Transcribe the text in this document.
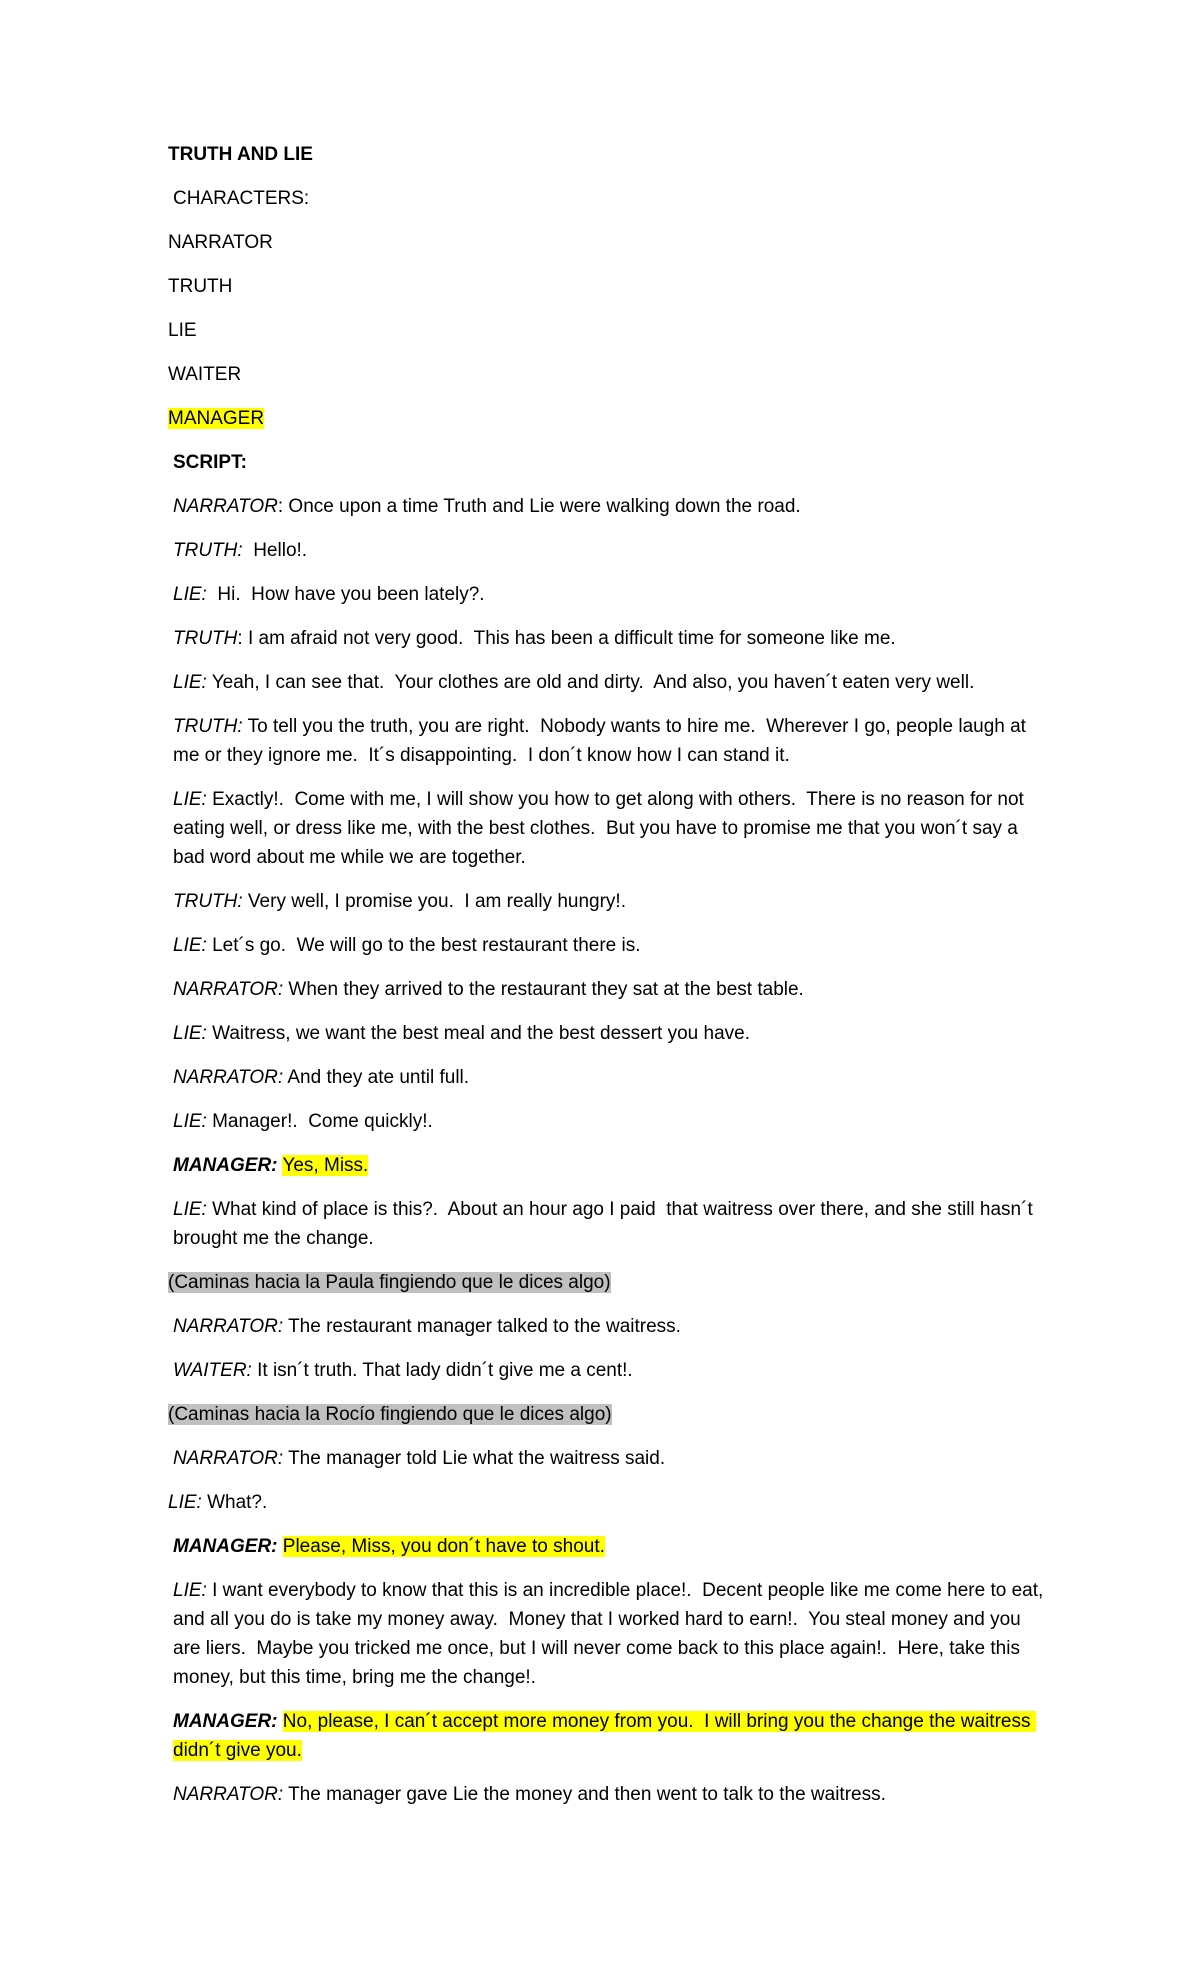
TRUTH AND LIE

CHARACTERS:

NARRATOR

TRUTH

LIE

WAITER

MANAGER

SCRIPT:

NARRATOR: Once upon a time Truth and Lie were walking down the road.

TRUTH:  Hello!.

LIE:  Hi.  How have you been lately?.

TRUTH: I am afraid not very good.  This has been a difficult time for someone like me.

LIE: Yeah, I can see that.  Your clothes are old and dirty.  And also, you haven´t eaten very well.

TRUTH: To tell you the truth, you are right.  Nobody wants to hire me.  Wherever I go, people laugh at me or they ignore me.  It´s disappointing.  I don´t know how I can stand it.

LIE: Exactly!.  Come with me, I will show you how to get along with others.  There is no reason for not eating well, or dress like me, with the best clothes.  But you have to promise me that you won´t say a bad word about me while we are together.

TRUTH: Very well, I promise you.  I am really hungry!.

LIE: Let´s go.  We will go to the best restaurant there is.

NARRATOR: When they arrived to the restaurant they sat at the best table.

LIE: Waitress, we want the best meal and the best dessert you have.

NARRATOR: And they ate until full.

LIE: Manager!.  Come quickly!.

MANAGER: Yes, Miss.

LIE: What kind of place is this?.  About an hour ago I paid  that waitress over there, and she still hasn´t brought me the change.

(Caminas hacia la Paula fingiendo que le dices algo)

NARRATOR: The restaurant manager talked to the waitress.

WAITER: It isn´t truth. That lady didn´t give me a cent!.

(Caminas hacia la Rocío fingiendo que le dices algo)

NARRATOR: The manager told Lie what the waitress said.

LIE: What?.

MANAGER: Please, Miss, you don´t have to shout.

LIE: I want everybody to know that this is an incredible place!.  Decent people like me come here to eat, and all you do is take my money away.  Money that I worked hard to earn!.  You steal money and you are liers.  Maybe you tricked me once, but I will never come back to this place again!.  Here, take this money, but this time, bring me the change!.

MANAGER: No, please, I can´t accept more money from you.  I will bring you the change the waitress didn´t give you.

NARRATOR: The manager gave Lie the money and then went to talk to the waitress.
